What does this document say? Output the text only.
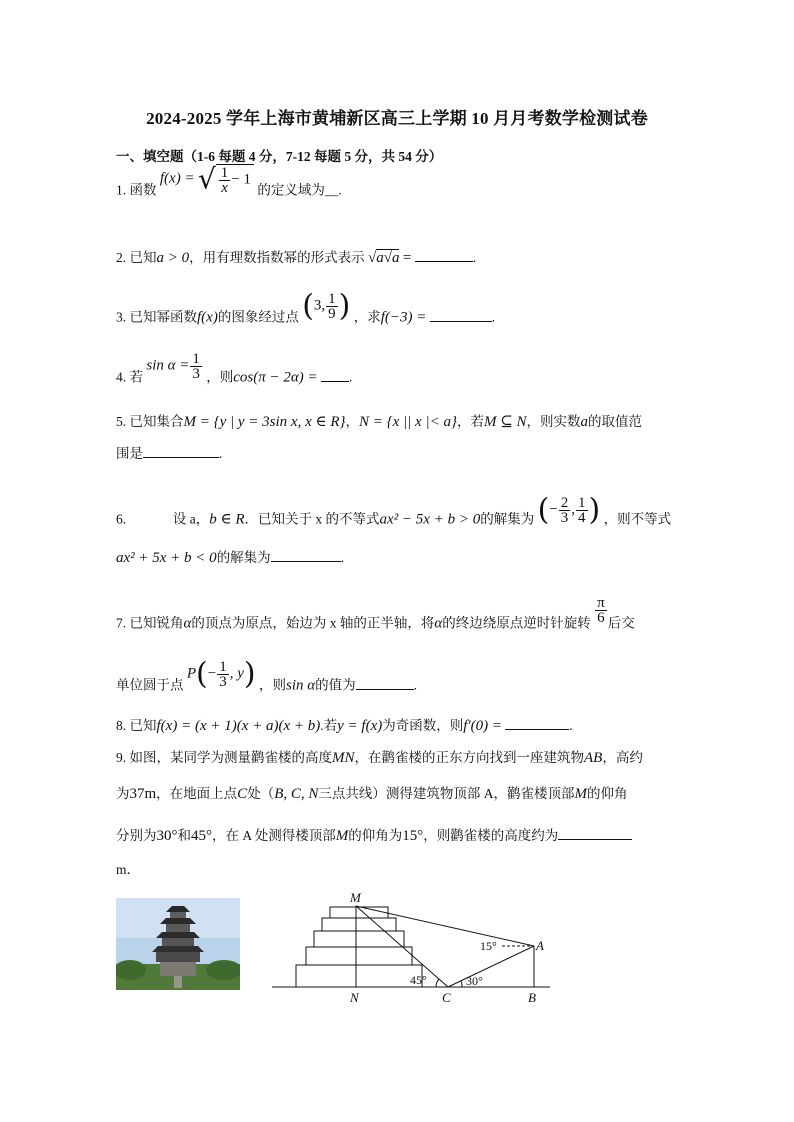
2024-2025 学年上海市黄埔新区高三上学期 10 月月考数学检测试卷
一、填空题（1-6 每题 4 分，7-12 每题 5 分，共 54 分）
1. 函数 f(x) = √ $\frac{1}{x} - 1$ 的定义域为__.
2. 已知a > 0，用有理数指数幂的形式表示 √a√a =	.
3. 已知幂函数f(x)的图象经过点 (3, $\frac{1}{9}$ ) ，求f(−3) =	.
4. 若 $\sin \alpha = \frac{1}{3}$ ，则cos(π − 2α) = .
5. 已知集合M = {y | y = 3sin x, x ∈ R}，N = {x || x |< a}，若M ⊆ N，则实数a的取值范
围是	.
6.	设 a，b ∈ R．已知关于 x 的不等式ax² − 5x + b > 0的解集为 (− $\frac{2}{3}$ , $\frac{1}{4}$ ) ，则不等式
ax² + 5x + b < 0的解集为	.
7. 已知锐角α的顶点为原点，始边为 x 轴的正半轴，将α的终边绕原点逆时针旋转 $\frac{\pi}{6}$ 后交
单位圆于点 $P(- \frac{1}{3}$ , y) ，则sin α的值为	.
8. 已知f(x) = (x + 1)(x + a)(x + b).若y = f(x)为奇函数，则f′(0) =	.
9. 如图，某同学为测量鹳雀楼的高度MN，在鹳雀楼的正东方向找到一座建筑物AB，高约
为37m，在地面上点C处（B, C, N三点共线）测得建筑物顶部 A，鹳雀楼顶部M的仰角
分别为30°和45°，在 A 处测得楼顶部M的仰角为15°，则鹳雀楼的高度约为
m．
M
N	C
A
B
15°
45°	30°
